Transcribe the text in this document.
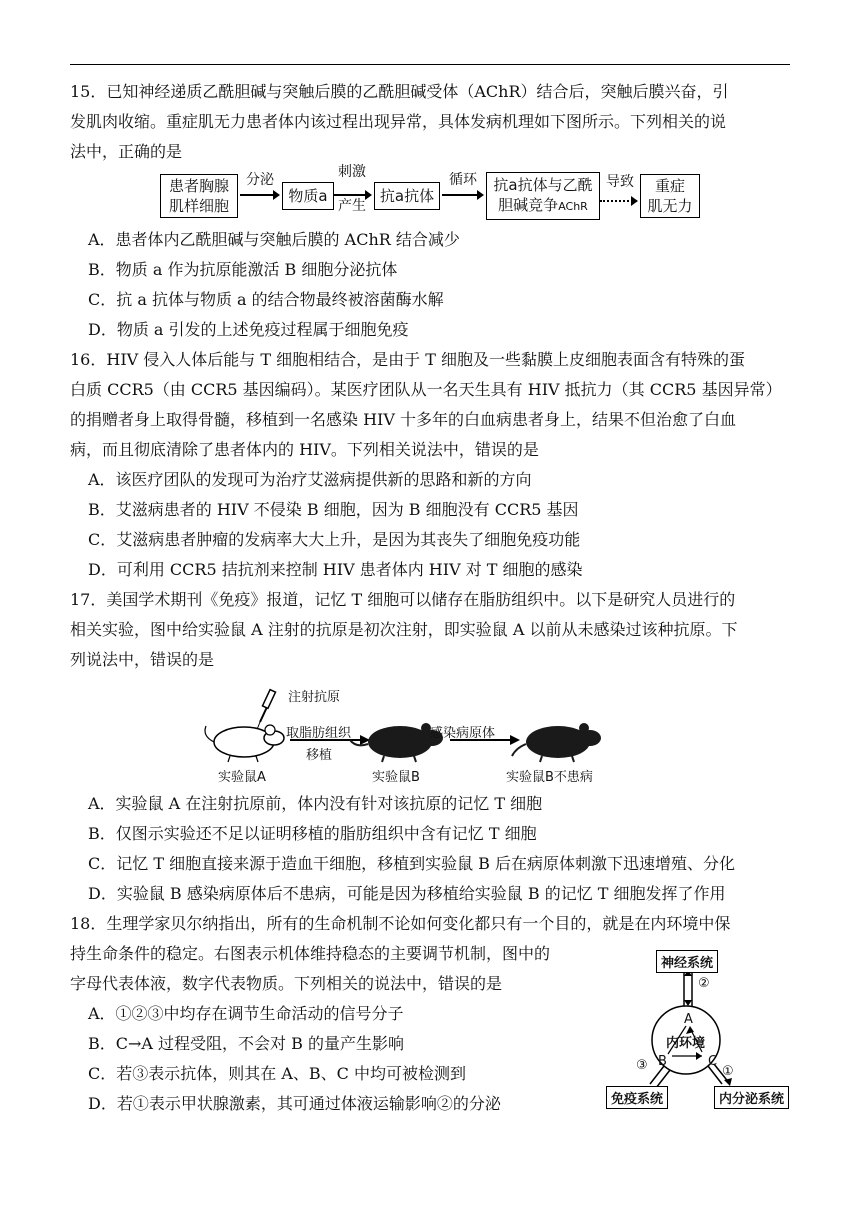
15．已知神经递质乙酰胆碱与突触后膜的乙酰胆碱受体（AChR）结合后，突触后膜兴奋，引
发肌肉收缩。重症肌无力患者体内该过程出现异常，具体发病机理如下图所示。下列相关的说
法中，正确的是
患者胸腺
肌样细胞
分泌
物质a
刺激
产生
抗a抗体
循环	抗a抗体与乙酰
胆碱竞争AChR
导致	重症
肌无力
A．患者体内乙酰胆碱与突触后膜的 AChR 结合减少
B．物质 a 作为抗原能激活 B 细胞分泌抗体
C．抗 a 抗体与物质 a 的结合物最终被溶菌酶水解
D．物质 a 引发的上述免疫过程属于细胞免疫
16．HIV 侵入人体后能与 T 细胞相结合，是由于 T 细胞及一些黏膜上皮细胞表面含有特殊的蛋
白质 CCR5（由 CCR5 基因编码）。某医疗团队从一名天生具有 HIV 抵抗力（其 CCR5 基因异常）
的捐赠者身上取得骨髓，移植到一名感染 HIV 十多年的白血病患者身上，结果不但治愈了白血
病，而且彻底清除了患者体内的 HIV。下列相关说法中，错误的是
A．该医疗团队的发现可为治疗艾滋病提供新的思路和新的方向
B．艾滋病患者的 HIV 不侵染 B 细胞，因为 B 细胞没有 CCR5 基因
C．艾滋病患者肿瘤的发病率大大上升，是因为其丧失了细胞免疫功能
D．可利用 CCR5 拮抗剂来控制 HIV 患者体内 HIV 对 T 细胞的感染
17．美国学术期刊《免疫》报道，记忆 T 细胞可以储存在脂肪组织中。以下是研究人员进行的
相关实验，图中给实验鼠 A 注射的抗原是初次注射，即实验鼠 A 以前从未感染过该种抗原。下
列说法中，错误的是
注射抗原
取脂肪组织
移植
感染病原体
实验鼠A	实验鼠B	实验鼠B不患病
A．实验鼠 A 在注射抗原前，体内没有针对该抗原的记忆 T 细胞
B．仅图示实验还不足以证明移植的脂肪组织中含有记忆 T 细胞
C．记忆 T 细胞直接来源于造血干细胞，移植到实验鼠 B 后在病原体刺激下迅速增殖、分化
D．实验鼠 B 感染病原体后不患病，可能是因为移植给实验鼠 B 的记忆 T 细胞发挥了作用
18．生理学家贝尔纳指出，所有的生命机制不论如何变化都只有一个目的，就是在内环境中保
持生命条件的稳定。右图表示机体维持稳态的主要调节机制，图中的
字母代表体液，数字代表物质。下列相关的说法中，错误的是
A．①②③中均存在调节生命活动的信号分子
B．C→A 过程受阻，不会对 B 的量产生影响
C．若③表示抗体，则其在 A、B、C 中均可被检测到
D．若①表示甲状腺激素，其可通过体液运输影响②的分泌
神经系统
免疫系统	内分泌系统
A
B	C
内环境
②
③	①
